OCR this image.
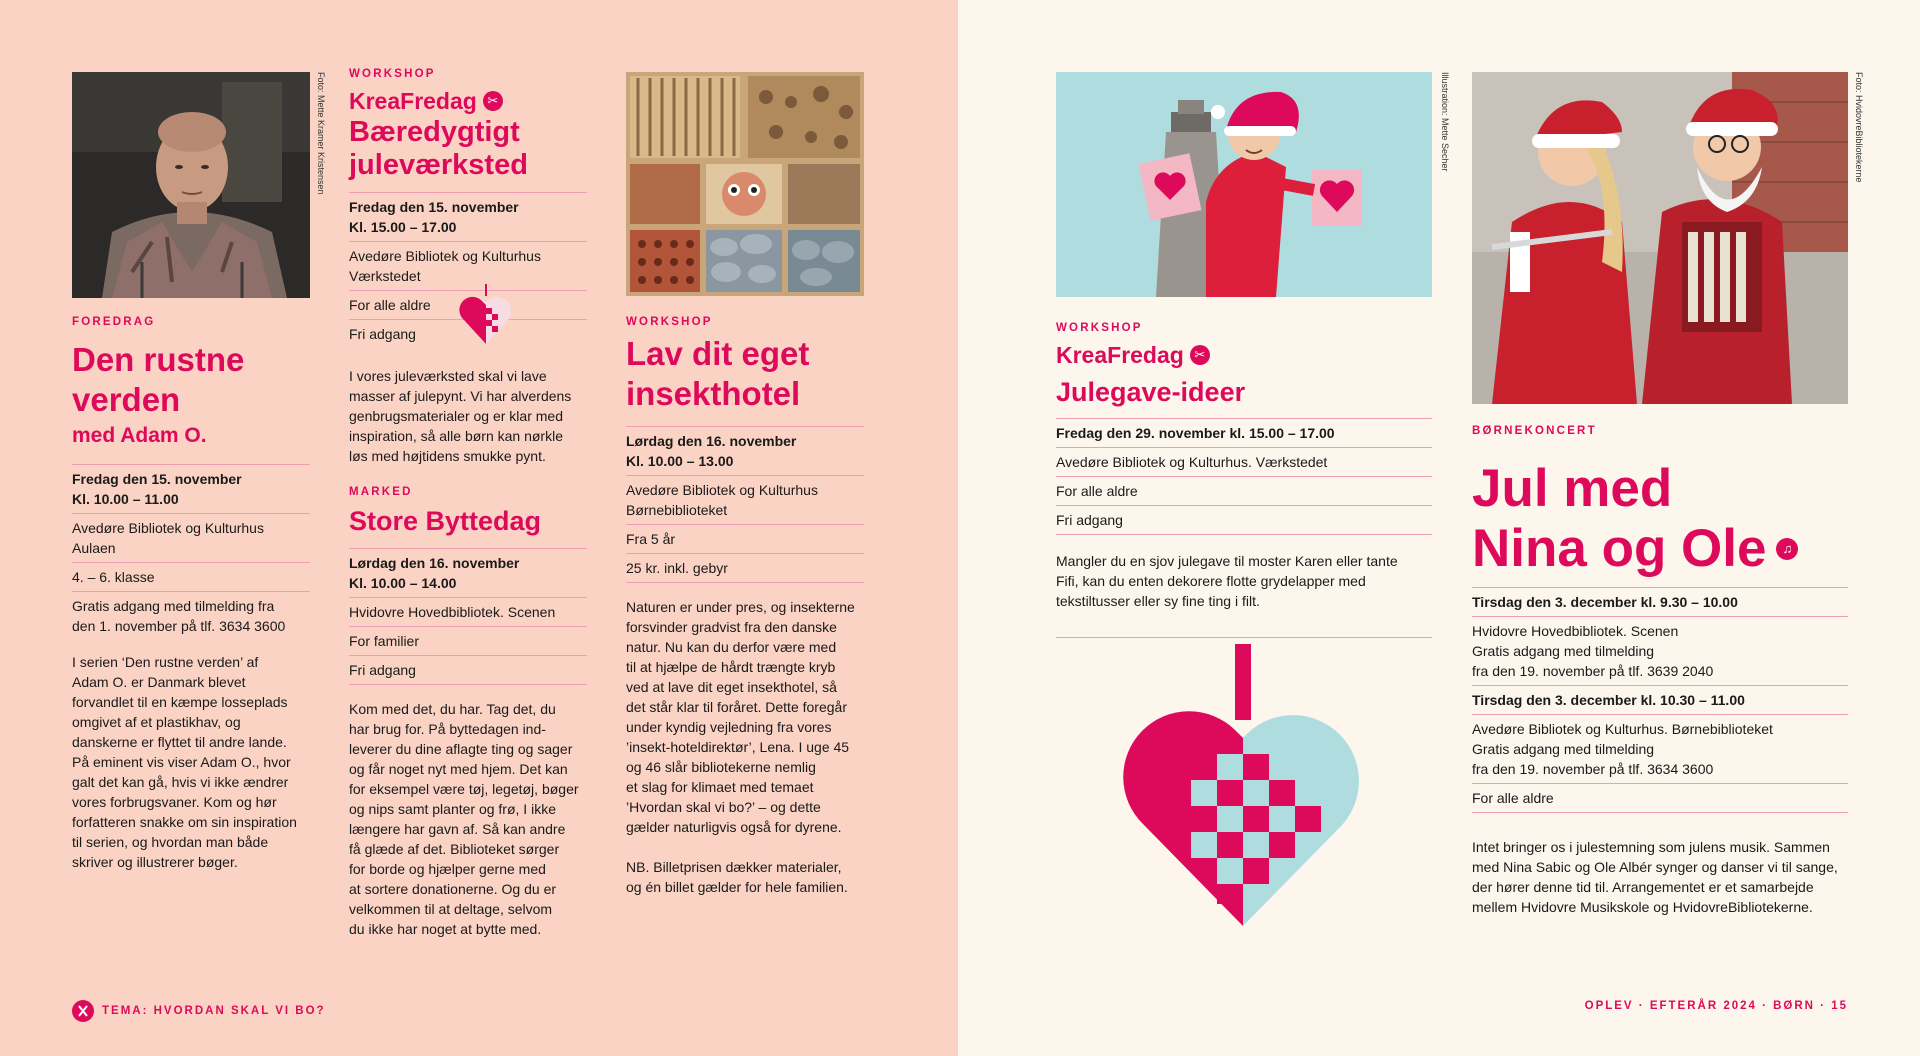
Foto: Mette Kramer Kristensen
FOREDRAG
Den rustne verden
med Adam O.
Fredag den 15. november
Kl. 10.00 – 11.00
Avedøre Bibliotek og Kulturhus
Aulaen
4. – 6. klasse
Gratis adgang med tilmelding fra
den 1. november på tlf. 3634 3600
I serien ‘Den rustne verden’ af
Adam O. er Danmark blevet
forvandlet til en kæmpe losseplads
omgivet af et plastikhav, og
danskerne er flyttet til andre lande.
På eminent vis viser Adam O., hvor
galt det kan gå, hvis vi ikke ændrer
vores forbrugsvaner. Kom og hør
forfatteren snakke om sin inspiration
til serien, og hvordan man både
skriver og illustrerer bøger.
WORKSHOP
KreaFredag ✂
Bæredygtigt juleværksted
Fredag den 15. november
Kl. 15.00 – 17.00
Avedøre Bibliotek og Kulturhus
Værkstedet
For alle aldre
Fri adgang
I vores juleværksted skal vi lave
masser af julepynt. Vi har alverdens
genbrugsmaterialer og er klar med
inspiration, så alle børn kan nørkle
løs med højtidens smukke pynt.
MARKED
Store Byttedag
Lørdag den 16. november
Kl. 10.00 – 14.00
Hvidovre Hovedbibliotek. Scenen
For familier
Fri adgang
Kom med det, du har. Tag det, du
har brug for. På byttedagen ind-
leverer du dine aflagte ting og sager
og får noget nyt med hjem. Det kan
for eksempel være tøj, legetøj, bøger
og nips samt planter og frø, I ikke
længere har gavn af. Så kan andre
få glæde af det. Biblioteket sørger
for borde og hjælper gerne med
at sortere donationerne. Og du er
velkommen til at deltage, selvom
du ikke har noget at bytte med.
WORKSHOP
Lav dit eget insekthotel
Lørdag den 16. november
Kl. 10.00 – 13.00
Avedøre Bibliotek og Kulturhus
Børnebiblioteket
Fra 5 år
25 kr. inkl. gebyr
Naturen er under pres, og insekterne
forsvinder gradvist fra den danske
natur. Nu kan du derfor være med
til at hjælpe de hårdt trængte kryb
ved at lave dit eget insekthotel, så
det står klar til foråret. Dette foregår
under kyndig vejledning fra vores
’insekt-hoteldirektør’, Lena. I uge 45
og 46 slår bibliotekerne nemlig
et slag for klimaet med temaet
’Hvordan skal vi bo?’ – og dette
gælder naturligvis også for dyrene.

NB. Billetprisen dækker materialer,
og én billet gælder for hele familien.
TEMA: HVORDAN SKAL VI BO?
Illustration: Mette Secher
WORKSHOP
KreaFredag ✂
Julegave-ideer
Fredag den 29. november kl. 15.00 – 17.00
Avedøre Bibliotek og Kulturhus. Værkstedet
For alle aldre
Fri adgang
Mangler du en sjov julegave til moster Karen eller tante
Fifi, kan du enten dekorere flotte grydelapper med
tekstiltusser eller sy fine ting i filt.
Foto: HvidovreBibliotekerne
BØRNEKONCERT
Jul med
Nina og Ole	♫
Tirsdag den 3. december kl. 9.30 – 10.00
Hvidovre Hovedbibliotek. Scenen
Gratis adgang med tilmelding
fra den 19. november på tlf. 3639 2040
Tirsdag den 3. december kl. 10.30 – 11.00
Avedøre Bibliotek og Kulturhus. Børnebiblioteket
Gratis adgang med tilmelding
fra den 19. november på tlf. 3634 3600
For alle aldre
Intet bringer os i julestemning som julens musik. Sammen
med Nina Sabic og Ole Albér synger og danser vi til sange,
der hører denne tid til. Arrangementet er et samarbejde
mellem Hvidovre Musikskole og HvidovreBibliotekerne.
OPLEV · EFTERÅR 2024 · BØRN · 15
